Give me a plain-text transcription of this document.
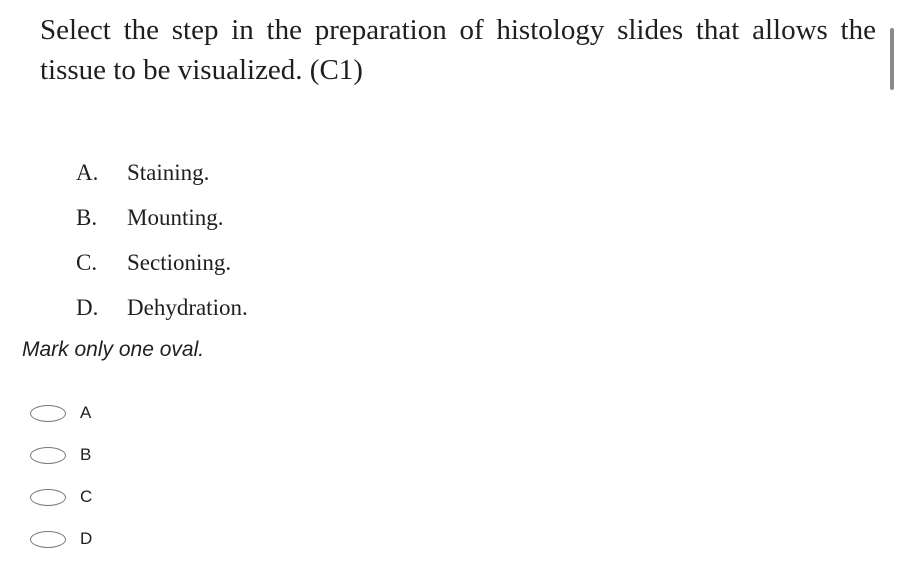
Select the step in the preparation of histology slides that allows the tissue to be visualized. (C1)

A.	Staining.
B.	Mounting.
C.	Sectioning.
D.	Dehydration.

Mark only one oval.

A
B
C
D
